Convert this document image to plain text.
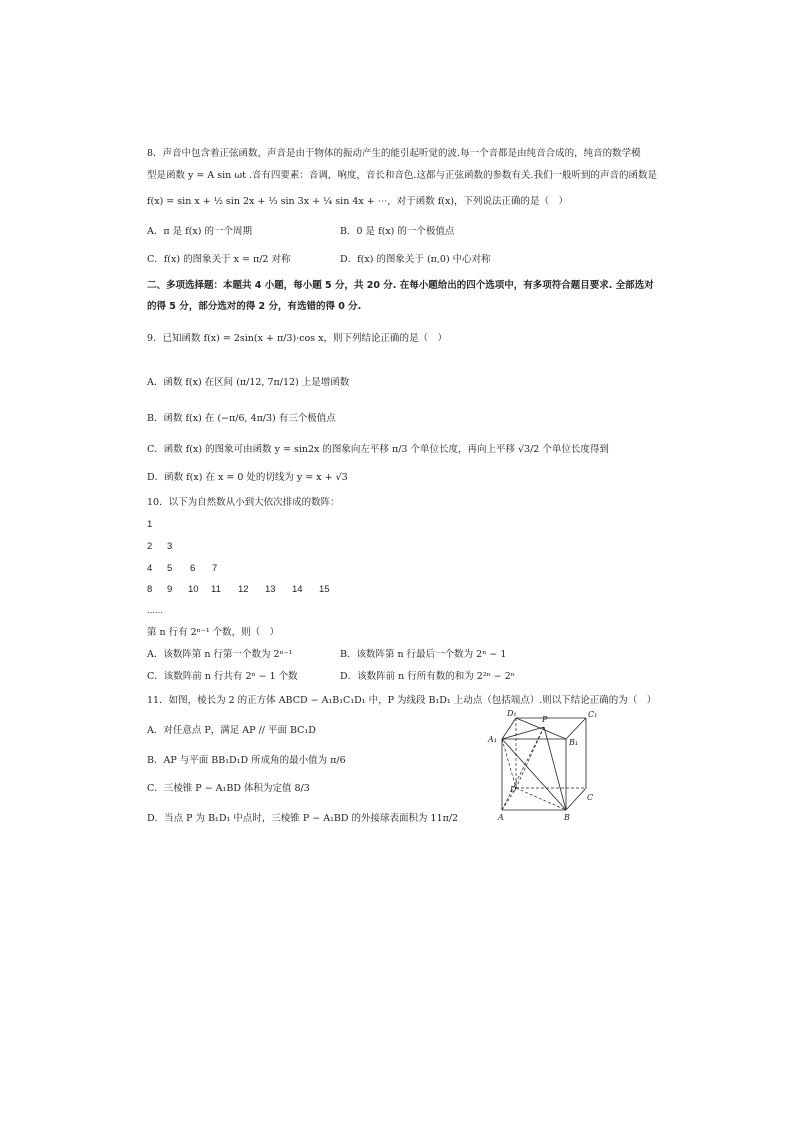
8．声音中包含着正弦函数，声音是由于物体的振动产生的能引起听觉的波.每一个音都是由纯音合成的，纯音的数学模
型是函数 y = A sin ωt .音有四要素：音调，响度，音长和音色.这都与正弦函数的参数有关.我们一般听到的声音的函数是
f(x) = sin x + ½ sin 2x + ⅓ sin 3x + ¼ sin 4x + ⋯，对于函数 f(x)，下列说法正确的是（　）
A．π 是 f(x) 的一个周期	B．0 是 f(x) 的一个极值点
C．f(x) 的图象关于 x = π/2 对称	D．f(x) 的图象关于 (π,0) 中心对称
二、多项选择题：本题共 4 小题，每小题 5 分，共 20 分. 在每小题给出的四个选项中，有多项符合题目要求. 全部选对
的得 5 分，部分选对的得 2 分，有选错的得 0 分.
9．已知函数 f(x) = 2sin(x + π/3)·cos x，则下列结论正确的是（　）
A．函数 f(x) 在区间 (π/12, 7π/12) 上是增函数
B．函数 f(x) 在 (−π/6, 4π/3) 有三个极值点
C．函数 f(x) 的图象可由函数 y = sin2x 的图象向左平移 π/3 个单位长度，再向上平移 √3/2 个单位长度得到
D．函数 f(x) 在 x = 0 处的切线为 y = x + √3
10．以下为自然数从小到大依次排成的数阵：
1
2 3
4 5 6 7
8 9 10 11 12 13 14 15
……
第 n 行有 2ⁿ⁻¹ 个数，则（　）
A．该数阵第 n 行第一个数为 2ⁿ⁻¹	B．该数阵第 n 行最后一个数为 2ⁿ − 1
C．该数阵前 n 行共有 2ⁿ − 1 个数	D．该数阵前 n 行所有数的和为 2²ⁿ − 2ⁿ
11．如图，棱长为 2 的正方体 ABCD − A₁B₁C₁D₁ 中，P 为线段 B₁D₁ 上动点（包括端点）.则以下结论正确的为（　）
A．对任意点 P，满足 AP // 平面 BC₁D
B．AP 与平面 BB₁D₁D 所成角的最小值为 π/6
C．三棱锥 P − A₁BD 体积为定值 8/3
D．当点 P 为 B₁D₁ 中点时，三棱锥 P − A₁BD 的外接球表面积为 11π/2
D₁
P
C₁
A₁	B₁
D
C
A	B
